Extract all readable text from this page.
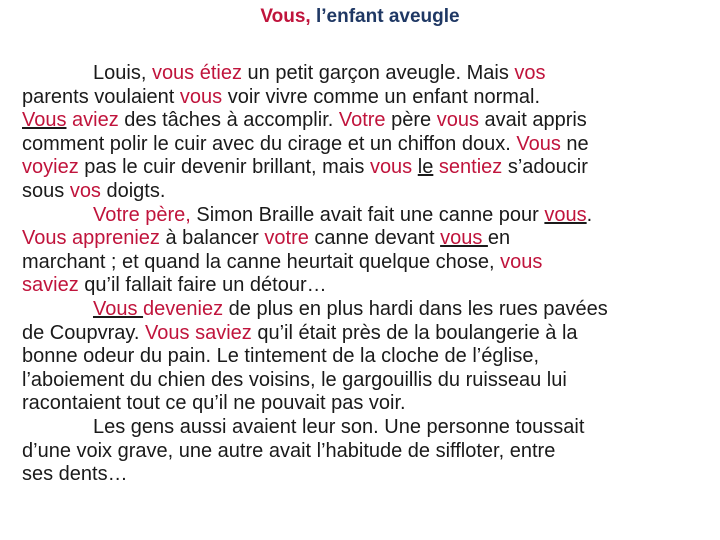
Vous, l’enfant aveugle
Louis, vous étiez un petit garçon aveugle. Mais vos
parents voulaient vous voir vivre comme un enfant normal.
Vous aviez des tâches à accomplir. Votre père vous avait appris
comment polir le cuir avec du cirage et un chiffon doux. Vous ne
voyiez pas le cuir devenir brillant, mais vous le sentiez s’adoucir
sous vos doigts.
Votre père, Simon Braille avait fait une canne pour vous.
Vous appreniez à balancer votre canne devant vous en
marchant ; et quand la canne heurtait quelque chose, vous
saviez qu’il fallait faire un détour…
Vous deveniez de plus en plus hardi dans les rues pavées
de Coupvray. Vous saviez qu’il était près de la boulangerie à la
bonne odeur du pain. Le tintement de la cloche de l’église,
l’aboiement du chien des voisins, le gargouillis du ruisseau lui
racontaient tout ce qu’il ne pouvait pas voir.
Les gens aussi avaient leur son. Une personne toussait
d’une voix grave, une autre avait l’habitude de siffloter, entre
ses dents…
